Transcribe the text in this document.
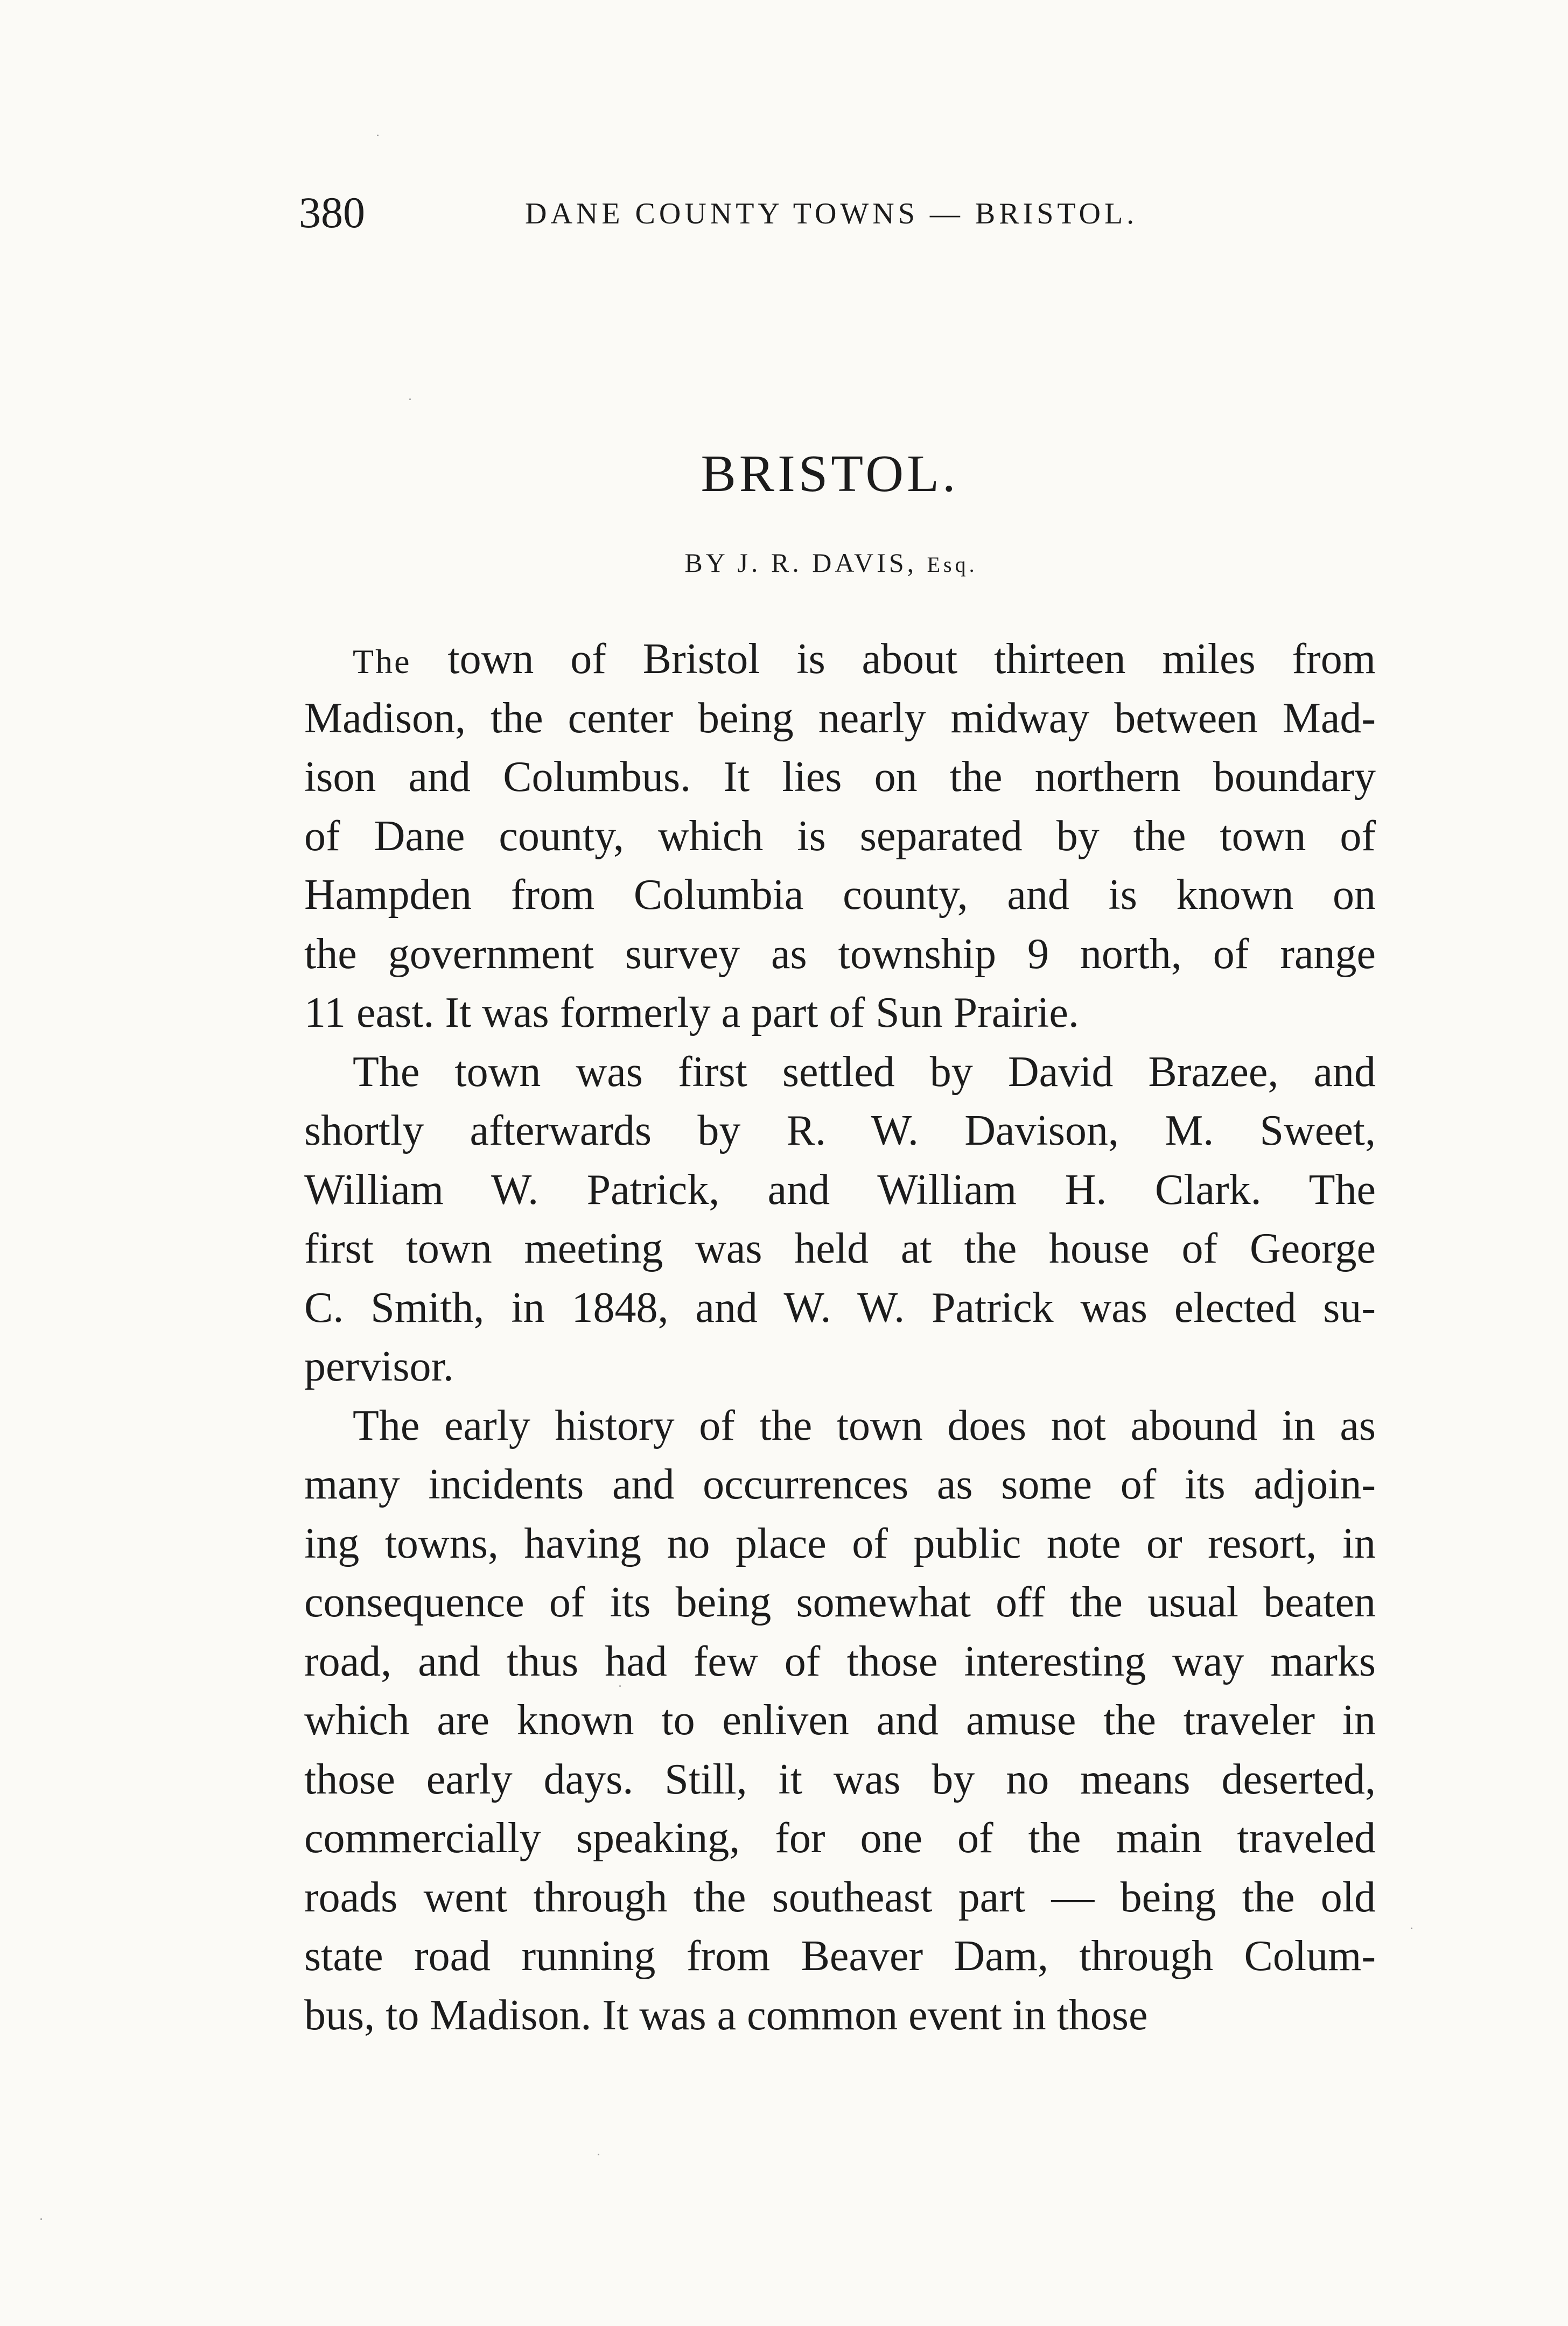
380	DANE COUNTY TOWNS — BRISTOL.
BRISTOL.
BY J. R. DAVIS, Esq.
The town of Bristol is about thirteen miles from
Madison, the center being nearly midway between Mad-
ison and Columbus. It lies on the northern boundary
of Dane county, which is separated by the town of
Hampden from Columbia county, and is known on
the government survey as township 9 north, of range
11 east. It was formerly a part of Sun Prairie.
The town was first settled by David Brazee, and
shortly afterwards by R. W. Davison, M. Sweet,
William W. Patrick, and William H. Clark. The
first town meeting was held at the house of George
C. Smith, in 1848, and W. W. Patrick was elected su-
pervisor.
The early history of the town does not abound in as
many incidents and occurrences as some of its adjoin-
ing towns, having no place of public note or resort, in
consequence of its being somewhat off the usual beaten
road, and thus had few of those interesting way marks
which are known to enliven and amuse the traveler in
those early days. Still, it was by no means deserted,
commercially speaking, for one of the main traveled
roads went through the southeast part — being the old
state road running from Beaver Dam, through Colum-
bus, to Madison. It was a common event in those
